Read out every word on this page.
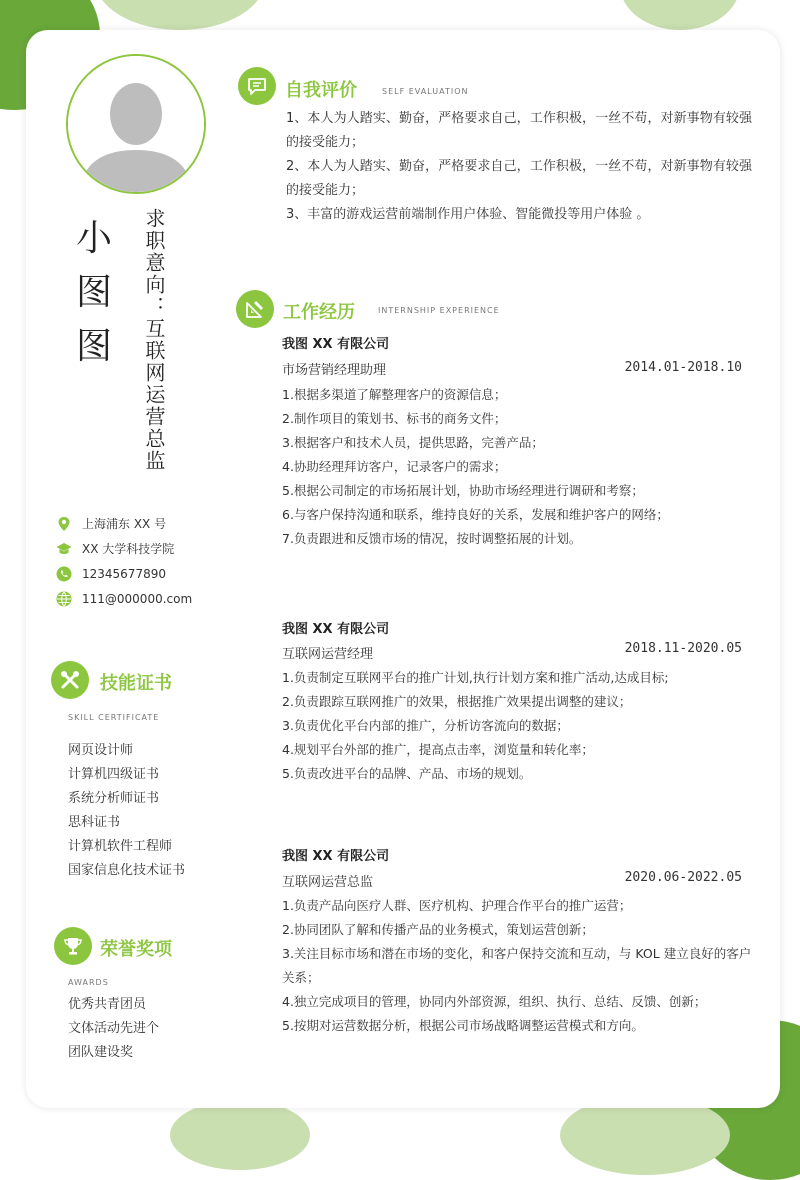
小
图
图 求职意向：互联网运营总监
上海浦东 XX 号
XX 大学科技学院
12345677890
111@000000.com
技能证书
SKILL CERTIFICATE
网页设计师
计算机四级证书
系统分析师证书
思科证书
计算机软件工程师
国家信息化技术证书
荣誉奖项
AWARDS
优秀共青团员
文体活动先进个
团队建设奖
自我评价	SELF EVALUATION
1、本人为人踏实、勤奋，严格要求自己，工作积极，一丝不苟，对新事物有较强的接受能力；
2、本人为人踏实、勤奋，严格要求自己，工作积极，一丝不苟，对新事物有较强的接受能力；
3、丰富的游戏运营前端制作用户体验、智能微投等用户体验 。
工作经历	INTERNSHIP EXPERIENCE
我图 XX 有限公司
市场营销经理助理	2014.01-2018.10
1.根据多渠道了解整理客户的资源信息；
2.制作项目的策划书、标书的商务文件；
3.根据客户和技术人员，提供思路，完善产品；
4.协助经理拜访客户，记录客户的需求；
5.根据公司制定的市场拓展计划，协助市场经理进行调研和考察；
6.与客户保持沟通和联系，维持良好的关系，发展和维护客户的网络；
7.负责跟进和反馈市场的情况，按时调整拓展的计划。
我图 XX 有限公司
互联网运营经理	2018.11-2020.05
1.负责制定互联网平台的推广计划,执行计划方案和推广活动,达成目标;
2.负责跟踪互联网推广的效果，根据推广效果提出调整的建议；
3.负责优化平台内部的推广，分析访客流向的数据；
4.规划平台外部的推广，提高点击率，浏览量和转化率；
5.负责改进平台的品牌、产品、市场的规划。
我图 XX 有限公司
互联网运营总监	2020.06-2022.05
1.负责产品向医疗人群、医疗机构、护理合作平台的推广运营；
2.协同团队了解和传播产品的业务模式，策划运营创新；
3.关注目标市场和潜在市场的变化，和客户保持交流和互动，与 KOL 建立良好的客户关系；
4.独立完成项目的管理，协同内外部资源，组织、执行、总结、反馈、创新；
5.按期对运营数据分析，根据公司市场战略调整运营模式和方向。
